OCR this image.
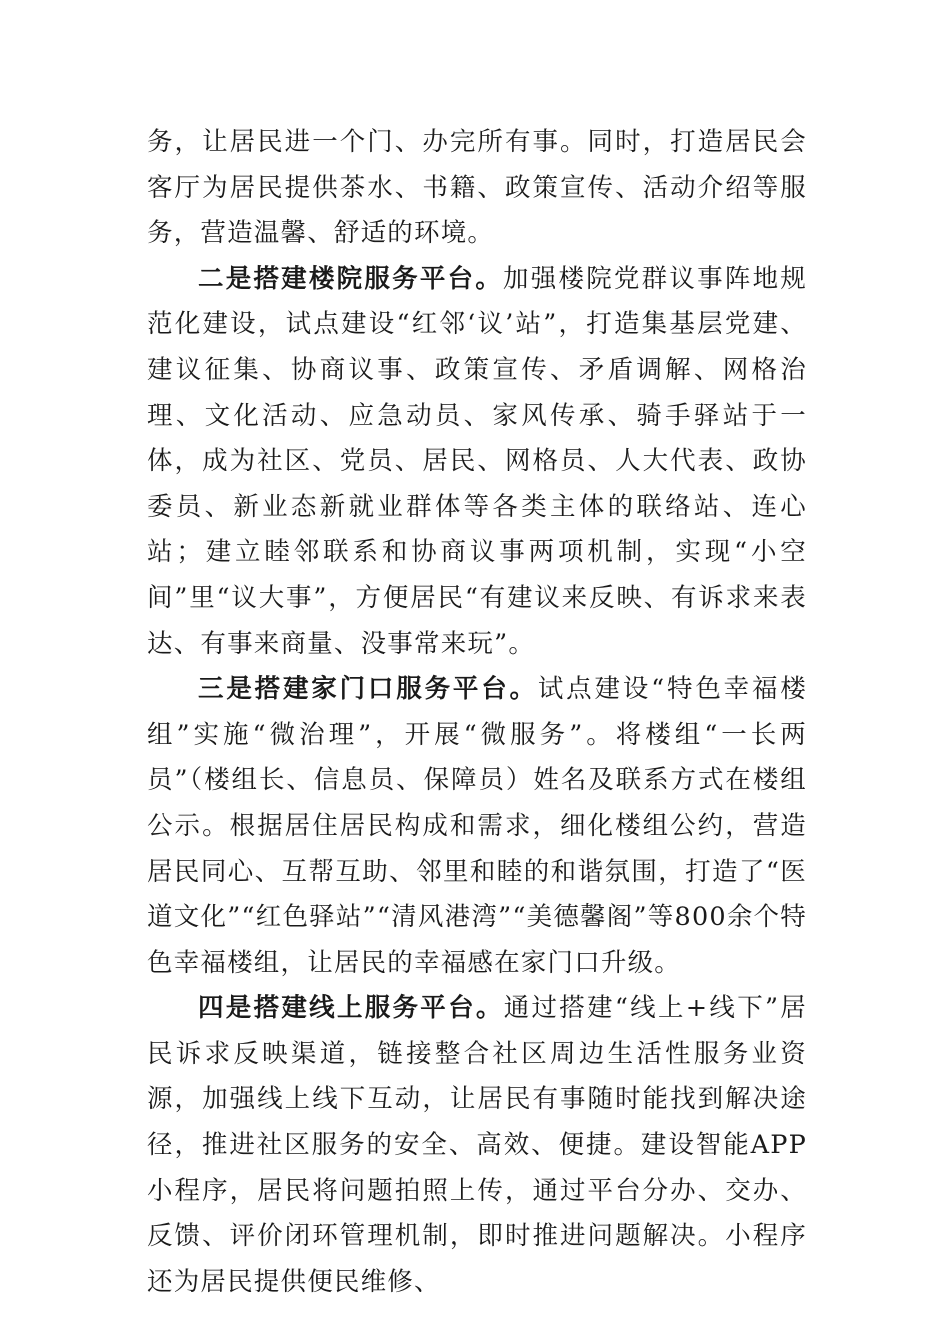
务，让居民进一个门、办完所有事。同时，打造居民会客厅为居民提供茶水、书籍、政策宣传、活动介绍等服务，营造温馨、舒适的环境。

二是搭建楼院服务平台。加强楼院党群议事阵地规范化建设，试点建设“红邻‘议’站”，打造集基层党建、建议征集、协商议事、政策宣传、矛盾调解、网格治理、文化活动、应急动员、家风传承、骑手驿站于一体，成为社区、党员、居民、网格员、人大代表、政协委员、新业态新就业群体等各类主体的联络站、连心站；建立睦邻联系和协商议事两项机制，实现“小空间”里“议大事”，方便居民“有建议来反映、有诉求来表达、有事来商量、没事常来玩”。

三是搭建家门口服务平台。试点建设“特色幸福楼组”实施“微治理”，开展“微服务”。将楼组“一长两员”（楼组长、信息员、保障员）姓名及联系方式在楼组公示。根据居住居民构成和需求，细化楼组公约，营造居民同心、互帮互助、邻里和睦的和谐氛围，打造了“医道文化”“红色驿站”“清风港湾”“美德馨阁”等800余个特色幸福楼组，让居民的幸福感在家门口升级。

四是搭建线上服务平台。通过搭建“线上+线下”居民诉求反映渠道，链接整合社区周边生活性服务业资源，加强线上线下互动，让居民有事随时能找到解决途径，推进社区服务的安全、高效、便捷。建设智能APP小程序，居民将问题拍照上传，通过平台分办、交办、反馈、评价闭环管理机制，即时推进问题解决。小程序还为居民提供便民维修、
